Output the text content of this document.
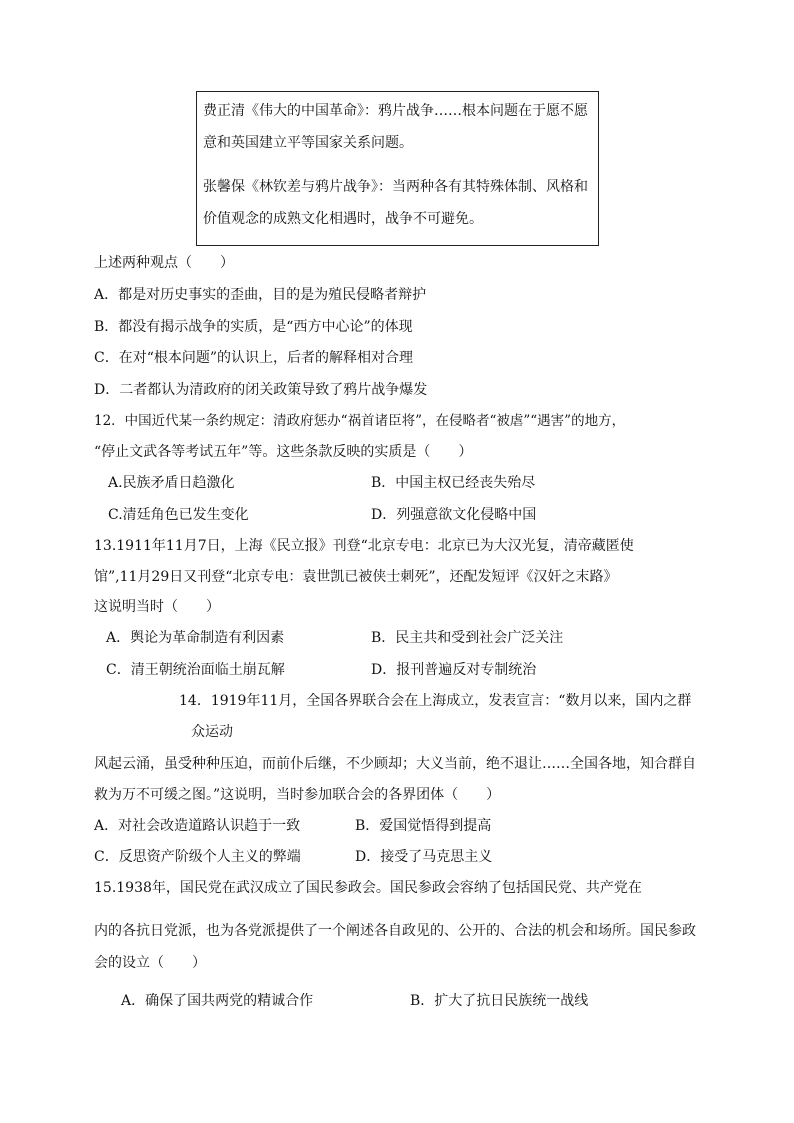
费正清《伟大的中国革命》：鸦片战争……根本问题在于愿不愿
意和英国建立平等国家关系问题。
张馨保《林钦差与鸦片战争》：当两种各有其特殊体制、风格和
价值观念的成熟文化相遇时，战争不可避免。
上述两种观点（　　）
A．都是对历史事实的歪曲，目的是为殖民侵略者辩护
B．都没有揭示战争的实质，是“西方中心论”的体现
C．在对“根本问题”的认识上，后者的解释相对合理
D．二者都认为清政府的闭关政策导致了鸦片战争爆发
12．中国近代某一条约规定：清政府惩办“祸首诸臣将”，在侵略者“被虐”“遇害”的地方，
“停止文武各等考试五年”等。这些条款反映的实质是（　　）
A.民族矛盾日趋激化	B．中国主权已经丧失殆尽
C.清廷角色已发生变化	D．列强意欲文化侵略中国
13.1911年11月7日，上海《民立报》刊登“北京专电：北京已为大汉光复，清帝藏匿使
馆”,11月29日又刊登“北京专电：袁世凯已被侠士刺死”，还配发短评《汉奸之末路》
这说明当时（　　）
A．舆论为革命制造有利因素	B．民主共和受到社会广泛关注
C．清王朝统治面临土崩瓦解	D．报刊普遍反对专制统治
14．1919年11月，全国各界联合会在上海成立，发表宣言：“数月以来，国内之群
众运动
风起云涌，虽受种种压迫，而前仆后继，不少顾却；大义当前，绝不退让……全国各地，知合群自
救为万不可缓之图。”这说明，当时参加联合会的各界团体（　　）
A．对社会改造道路认识趋于一致	B．爱国觉悟得到提高
C．反思资产阶级个人主义的弊端	D．接受了马克思主义
15.1938年，国民党在武汉成立了国民参政会。国民参政会容纳了包括国民党、共产党在
内的各抗日党派，也为各党派提供了一个阐述各自政见的、公开的、合法的机会和场所。国民参政
会的设立（　　）
A．确保了国共两党的精诚合作	B．扩大了抗日民族统一战线
